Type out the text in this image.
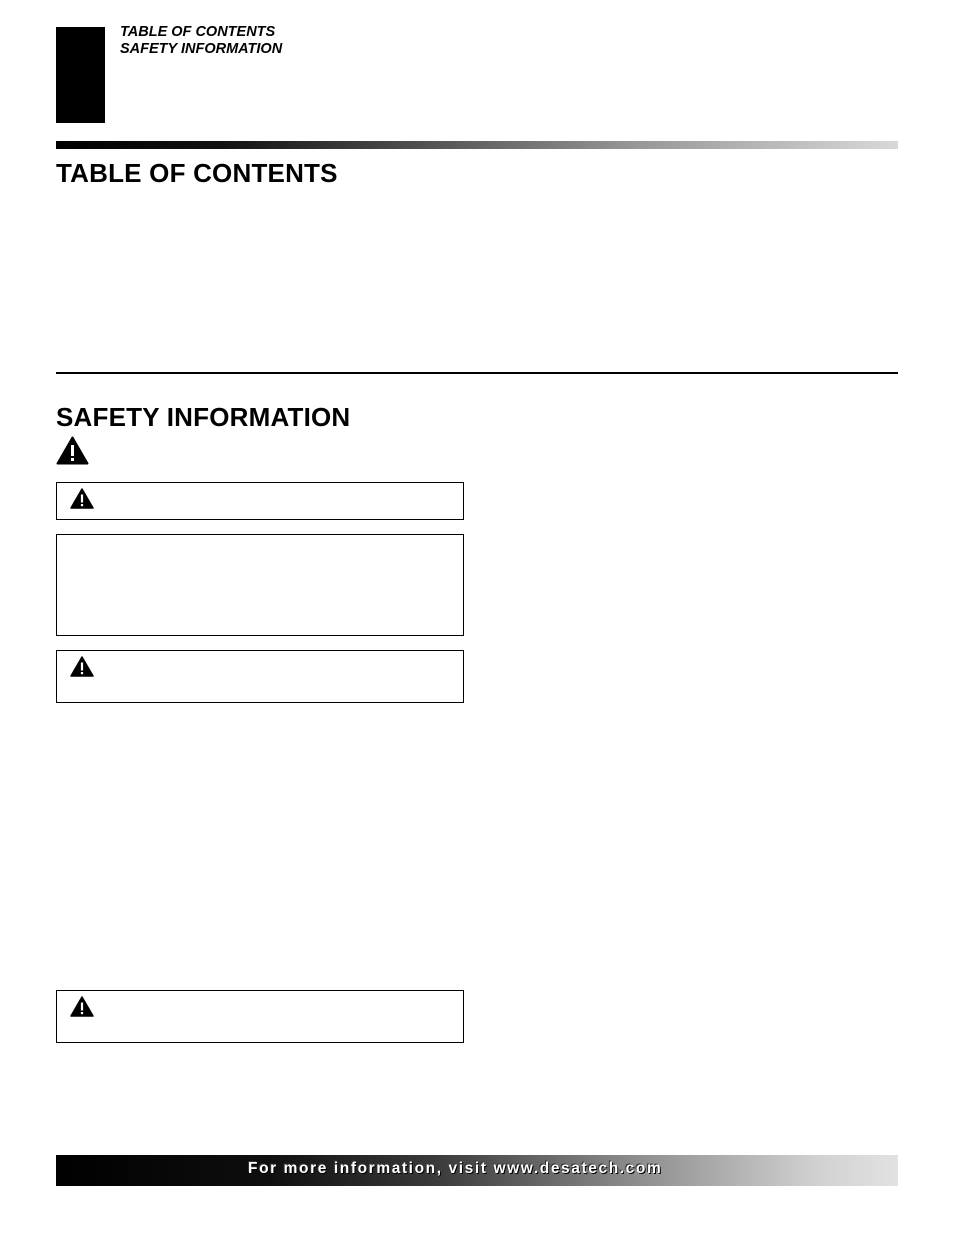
TABLE OF CONTENTS
SAFETY INFORMATION
TABLE OF CONTENTS
SAFETY INFORMATION
For more information, visit www.desatech.com
